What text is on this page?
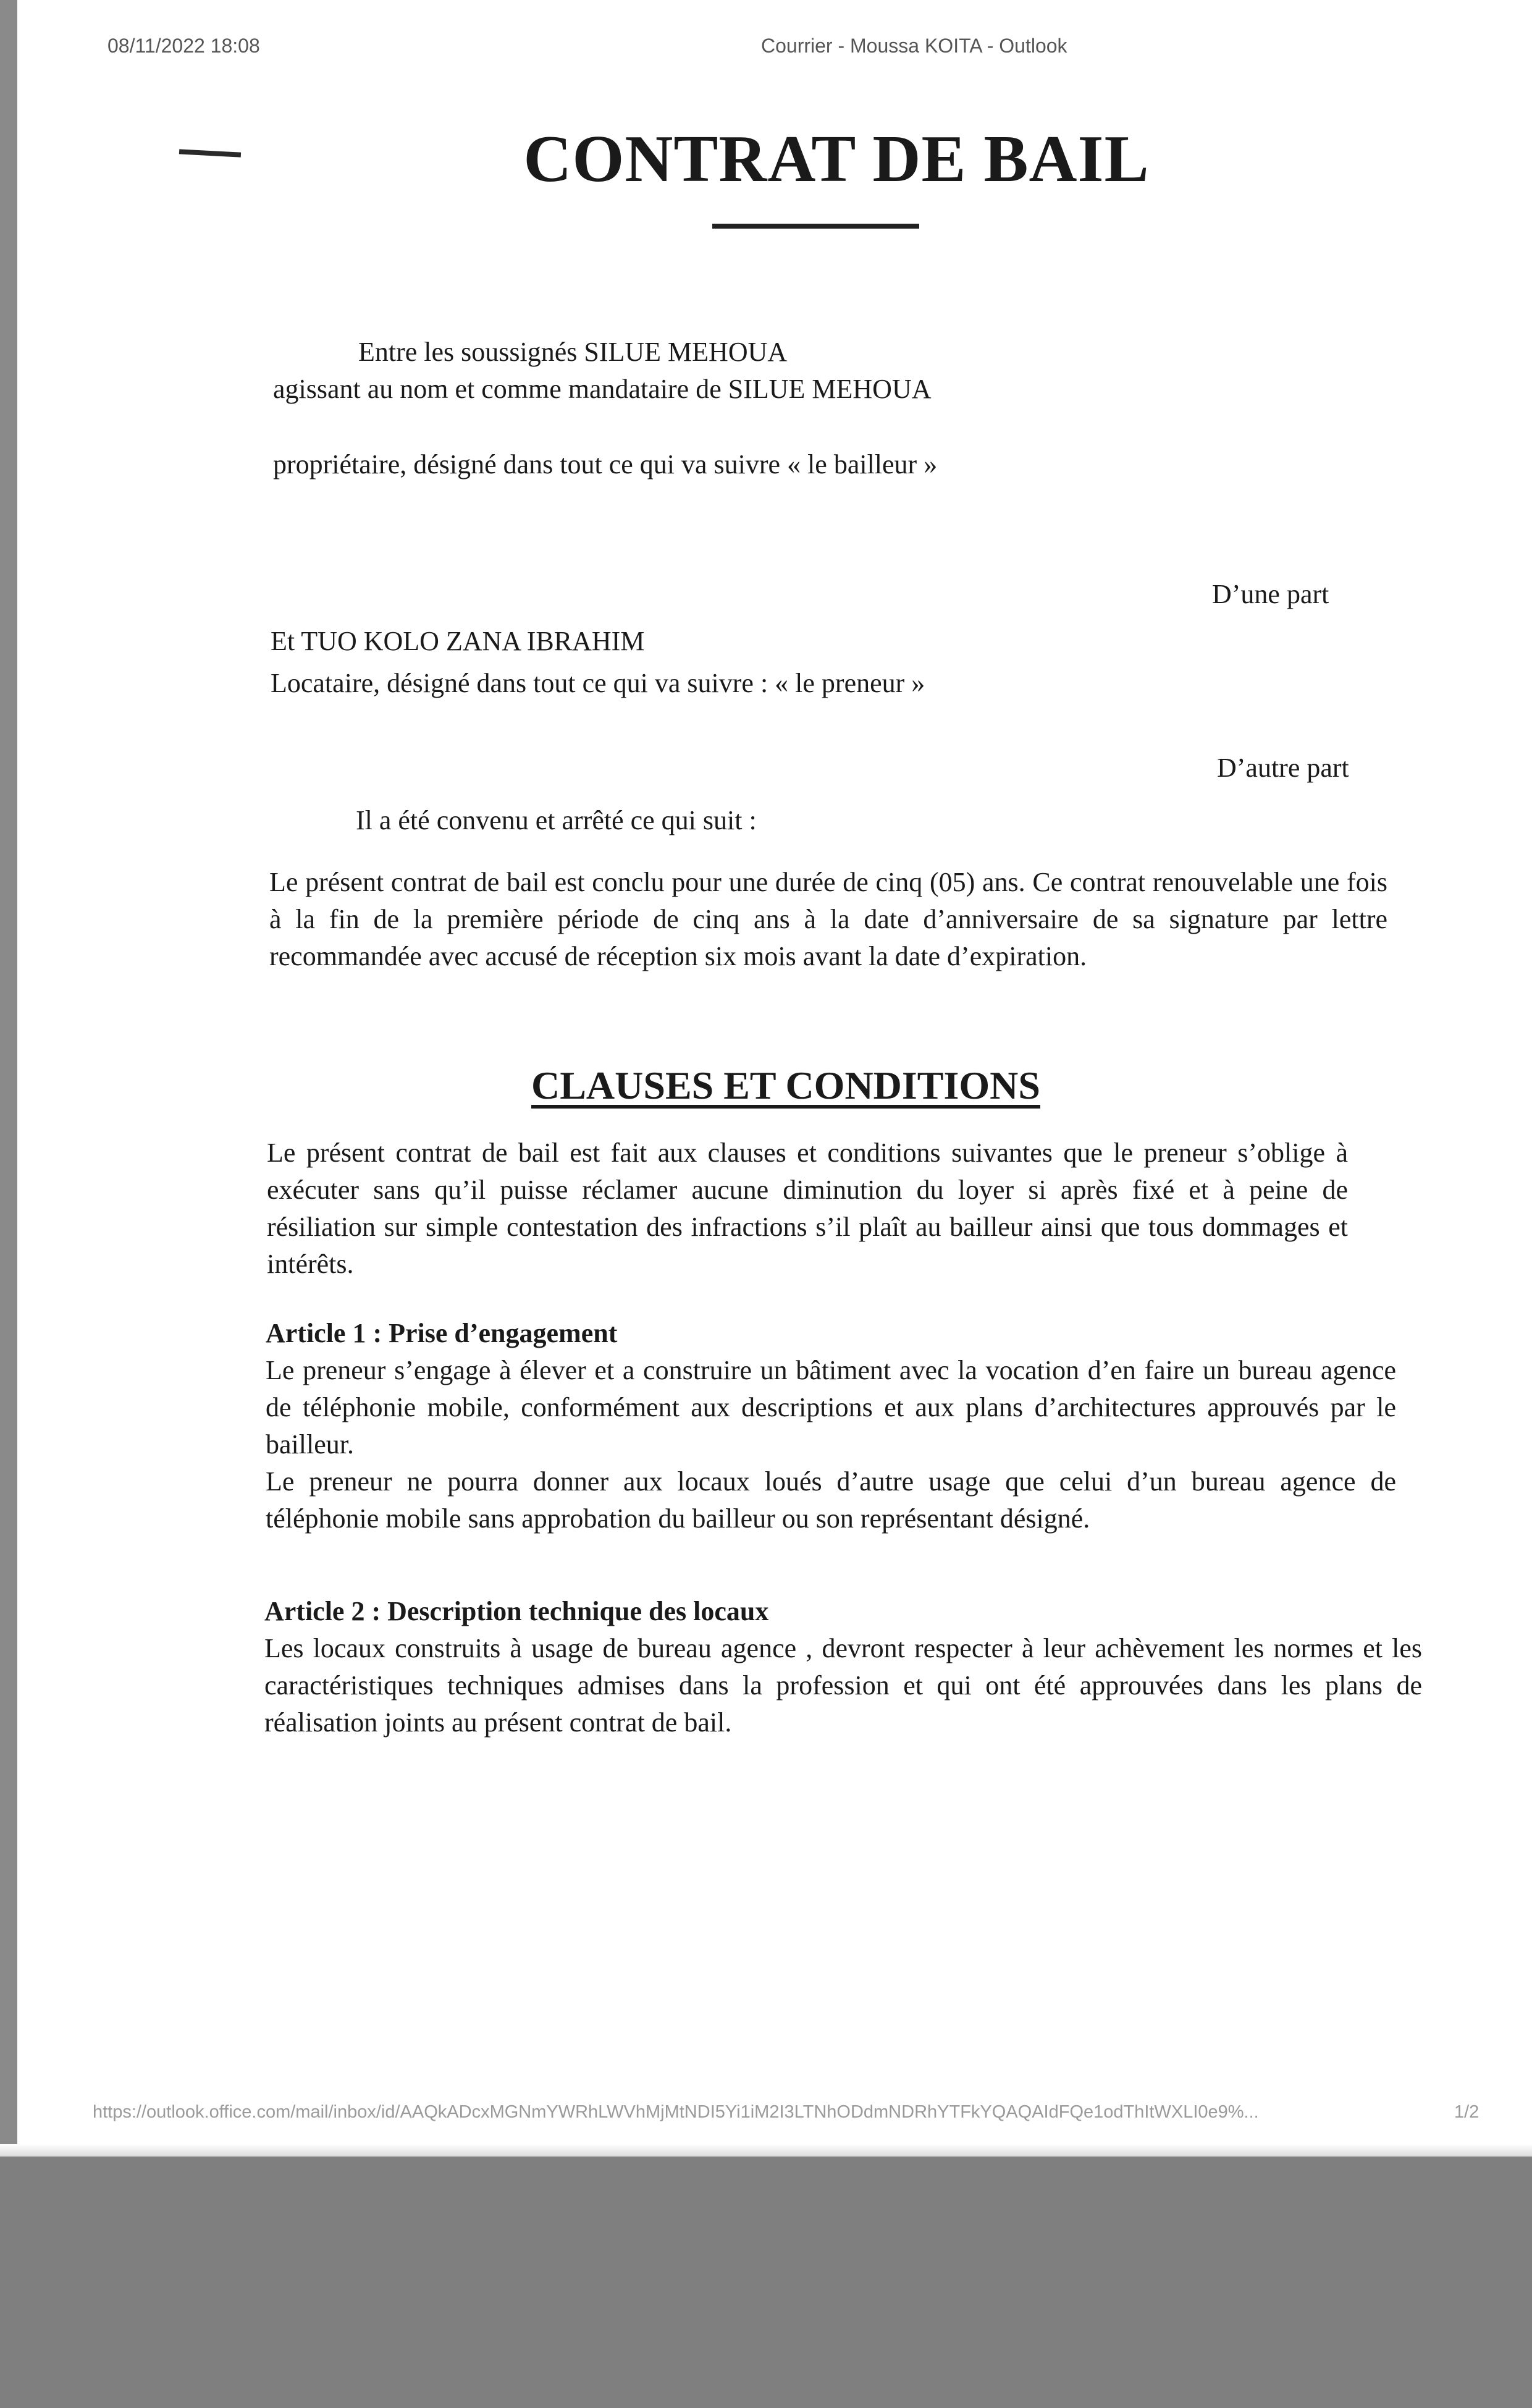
08/11/2022 18:08	Courrier - Moussa KOITA - Outlook
CONTRAT DE BAIL

Entre les soussignés SILUE MEHOUA

agissant au nom et comme mandataire de SILUE MEHOUA

propriétaire, désigné dans tout ce qui va suivre « le bailleur »

D’une part

Et TUO KOLO ZANA IBRAHIM

Locataire, désigné dans tout ce qui va suivre : « le preneur »

D’autre part

Il a été convenu et arrêté ce qui suit :

Le présent contrat de bail est conclu pour une durée de cinq (05) ans. Ce contrat renouvelable une fois à la fin de la première période de cinq ans à la date d’anniversaire de sa signature par lettre recommandée avec accusé de réception six mois avant la date d’expiration.

CLAUSES ET CONDITIONS

Le présent contrat de bail est fait aux clauses et conditions suivantes que le preneur s’oblige à exécuter sans qu’il puisse réclamer aucune diminution du loyer si après fixé et à peine de résiliation sur simple contestation des infractions s’il plaît au bailleur ainsi que tous dommages et intérêts.

Article 1 : Prise d’engagement
Le preneur s’engage à élever et a construire un bâtiment avec la vocation d’en faire un bureau agence de téléphonie mobile, conformément aux descriptions et aux plans d’architectures approuvés par le bailleur.
Le preneur ne pourra donner aux locaux loués d’autre usage que celui d’un bureau agence de téléphonie mobile sans approbation du bailleur ou son représentant désigné.
Article 2 : Description technique des locaux
Les locaux construits à usage de bureau agence , devront respecter à leur achèvement les normes et les caractéristiques techniques admises dans la profession et qui ont été approuvées dans les plans de réalisation joints au présent contrat de bail.
https://outlook.office.com/mail/inbox/id/AAQkADcxMGNmYWRhLWVhMjMtNDI5Yi1iM2I3LTNhODdmNDRhYTFkYQAQAIdFQe1odThItWXLI0e9%...	1/2
